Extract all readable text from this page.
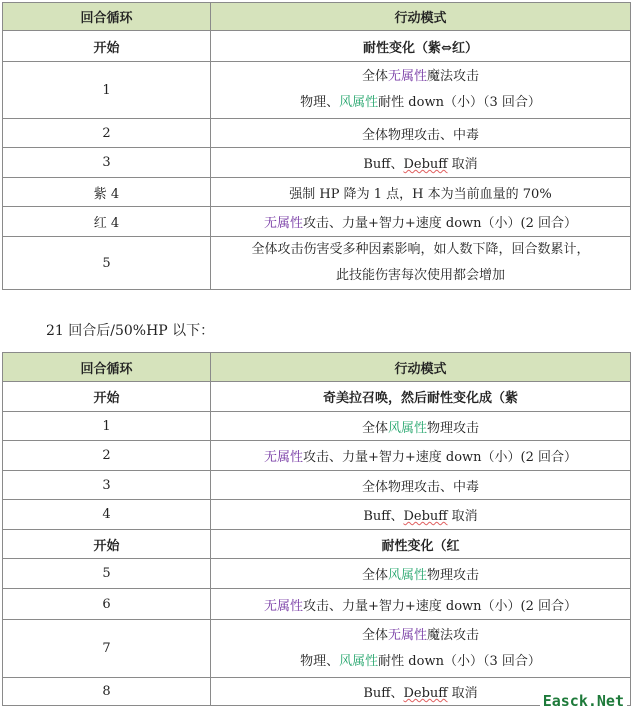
回合循环	行动模式
开始	耐性变化（紫⇔红）

1	全体无属性魔法攻击
物理、风属性耐性 down（小）（3 回合）

2	全体物理攻击、中毒

3	Buff、Debuff 取消

紫 4	强制 HP 降为 1 点，H 本为当前血量的 70%

红 4	无属性攻击、力量+智力+速度 down（小）(2 回合）

5	全体攻击伤害受多种因素影响，如人数下降，回合数累计，
此技能伤害每次使用都会增加
21 回合后/50%HP 以下：
回合循环	行动模式
开始	奇美拉召唤，然后耐性变化成（紫

1	全体风属性物理攻击

2	无属性攻击、力量+智力+速度 down（小）(2 回合）

3	全体物理攻击、中毒

4	Buff、Debuff 取消

开始	耐性变化（红

5	全体风属性物理攻击

6	无属性攻击、力量+智力+速度 down（小）(2 回合）

7	全体无属性魔法攻击
物理、风属性耐性 down（小）（3 回合）

8	Buff、Debuff 取消	Easck.Net
